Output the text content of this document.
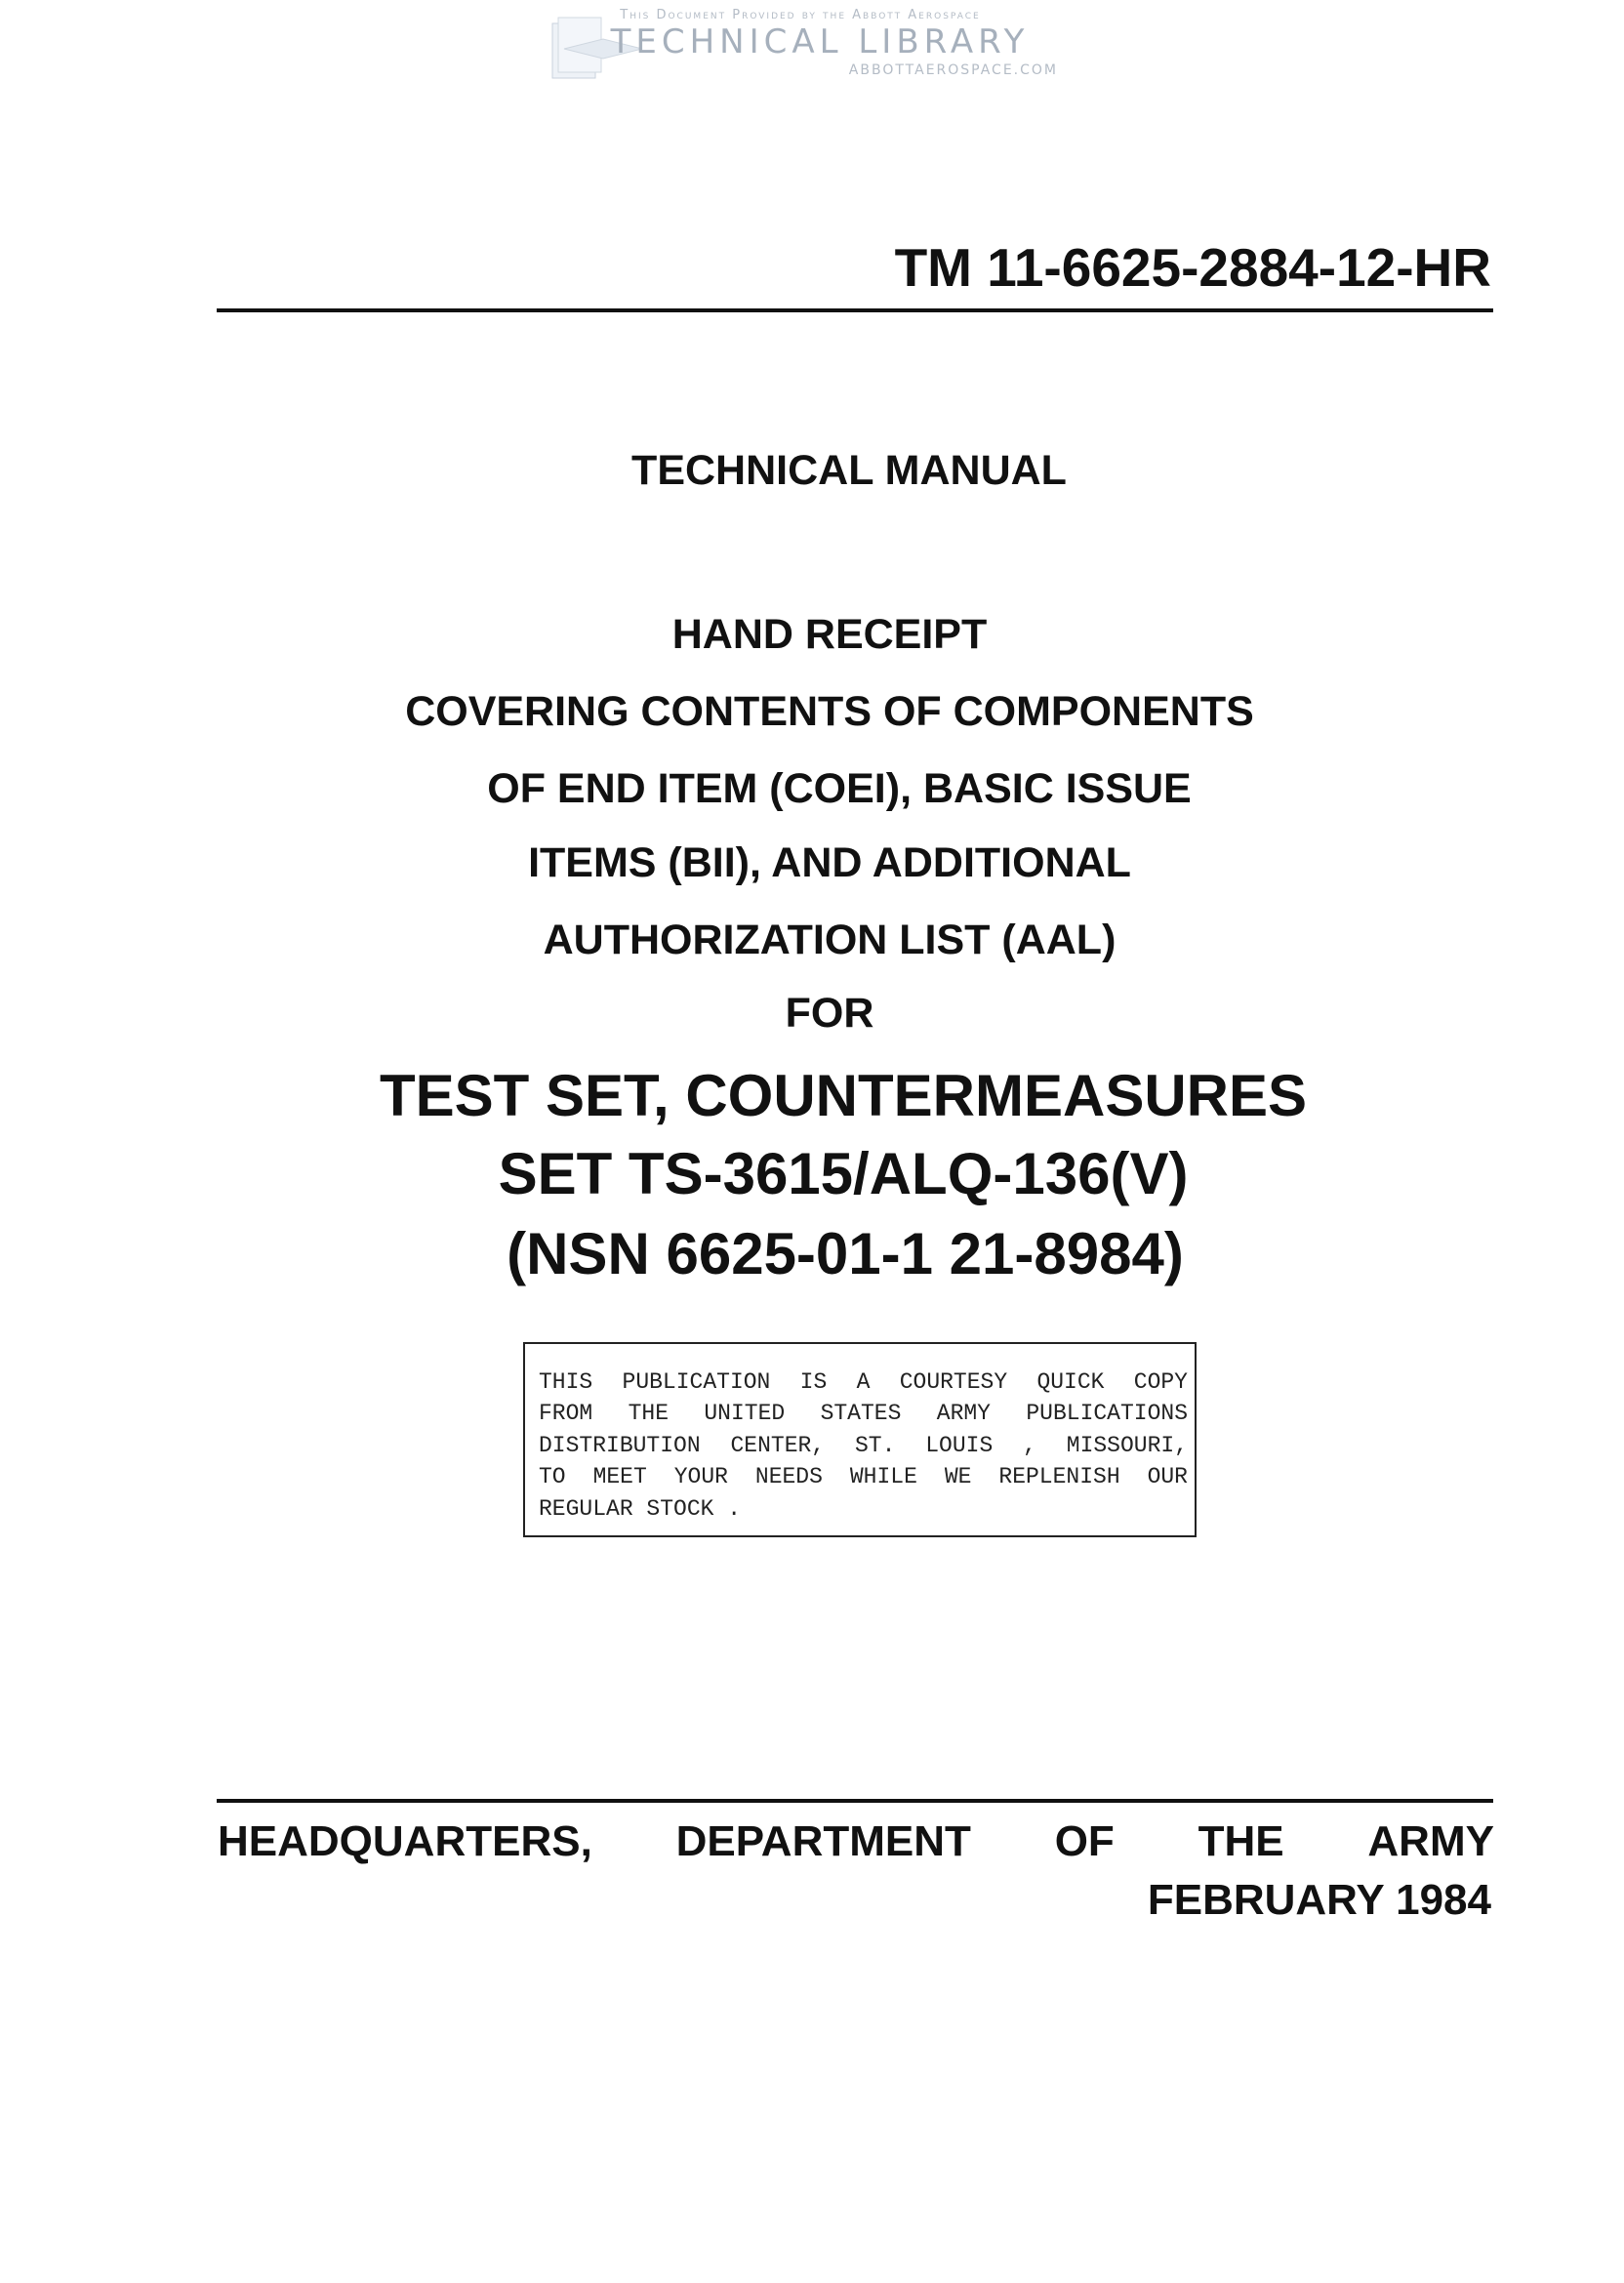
This Document Provided by the Abbott Aerospace
TECHNICAL LIBRARY
ABBOTTAEROSPACE.COM
TM 11-6625-2884-12-HR
TECHNICAL MANUAL
HAND RECEIPT
COVERING CONTENTS OF COMPONENTS
OF END ITEM (COEI), BASIC ISSUE
ITEMS (BII), AND ADDITIONAL
AUTHORIZATION LIST (AAL)
FOR
TEST SET, COUNTERMEASURES
SET TS-3615/ALQ-136(V)
(NSN 6625-01-1 21-8984)
THIS PUBLICATION IS A COURTESY QUICK COPY
FROM THE UNITED STATES ARMY PUBLICATIONS
DISTRIBUTION CENTER, ST. LOUIS , MISSOURI,
TO MEET YOUR NEEDS WHILE WE REPLENISH OUR
REGULAR STOCK .
HEADQUARTERS, DEPARTMENT OF THE ARMY
FEBRUARY 1984
